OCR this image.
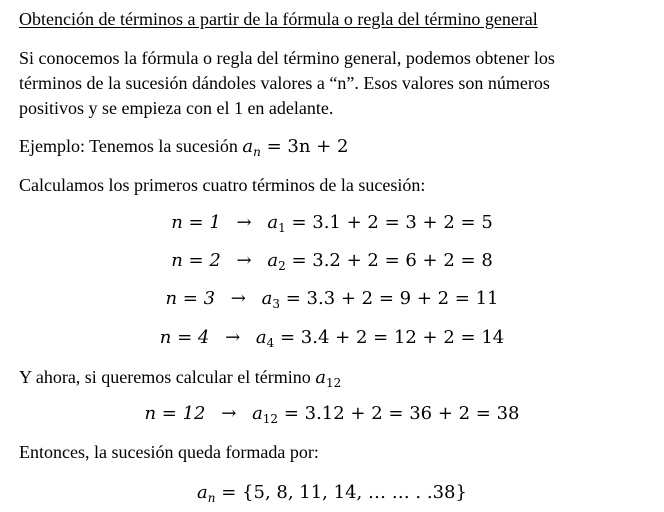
Obtención de términos a partir de la fórmula o regla del término general
Si conocemos la fórmula o regla del término general, podemos obtener los
términos de la sucesión dándoles valores a “n”. Esos valores son números
positivos y se empieza con el 1 en adelante.
Ejemplo: Tenemos la sucesión $a_n = 3n + 2$
Calculamos los primeros cuatro términos de la sucesión:
$n = 1 \to a_1 = 3.1 + 2 = 3 + 2 = 5$
$n = 2 \to a_2 = 3.2 + 2 = 6 + 2 = 8$
$n = 3 \to a_3 = 3.3 + 2 = 9 + 2 = 11$
$n = 4 \to a_4 = 3.4 + 2 = 12 + 2 = 14$
Y ahora, si queremos calcular el término $a_{12}$
$n = 12 \to a_{12} = 3.12 + 2 = 36 + 2 = 38$
Entonces, la sucesión queda formada por:
$a_n = \{5$, 8, 11, 14, … … . .38}
